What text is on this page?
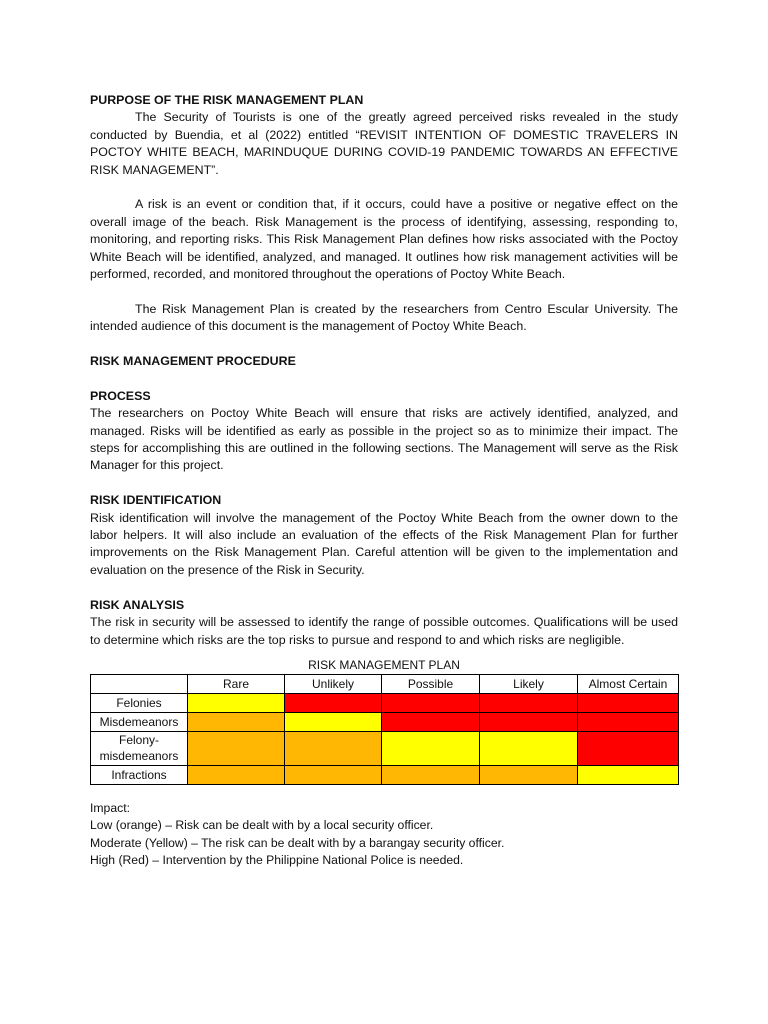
PURPOSE OF THE RISK MANAGEMENT PLAN

The Security of Tourists is one of the greatly agreed perceived risks revealed in the study conducted by Buendia, et al (2022) entitled “REVISIT INTENTION OF DOMESTIC TRAVELERS IN POCTOY WHITE BEACH, MARINDUQUE DURING COVID-19 PANDEMIC TOWARDS AN EFFECTIVE RISK MANAGEMENT”.

A risk is an event or condition that, if it occurs, could have a positive or negative effect on the overall image of the beach. Risk Management is the process of identifying, assessing, responding to, monitoring, and reporting risks. This Risk Management Plan defines how risks associated with the Poctoy White Beach will be identified, analyzed, and managed. It outlines how risk management activities will be performed, recorded, and monitored throughout the operations of Poctoy White Beach.

The Risk Management Plan is created by the researchers from Centro Escular University. The intended audience of this document is the management of Poctoy White Beach.

RISK MANAGEMENT PROCEDURE

PROCESS

The researchers on Poctoy White Beach will ensure that risks are actively identified, analyzed, and managed. Risks will be identified as early as possible in the project so as to minimize their impact. The steps for accomplishing this are outlined in the following sections. The Management will serve as the Risk Manager for this project.

RISK IDENTIFICATION

Risk identification will involve the management of the Poctoy White Beach from the owner down to the labor helpers. It will also include an evaluation of the effects of the Risk Management Plan for further improvements on the Risk Management Plan. Careful attention will be given to the implementation and evaluation on the presence of the Risk in Security.

RISK ANALYSIS

The risk in security will be assessed to identify the range of possible outcomes. Qualifications will be used to determine which risks are the top risks to pursue and respond to and which risks are negligible.

RISK MANAGEMENT PLAN

	Rare	Unlikely	Possible	Likely	Almost Certain
Felonies					
Misdemeanors					
Felony-misdemeanors					
Infractions					

Impact:

Low (orange) – Risk can be dealt with by a local security officer.

Moderate (Yellow) – The risk can be dealt with by a barangay security officer.

High (Red) – Intervention by the Philippine National Police is needed.
